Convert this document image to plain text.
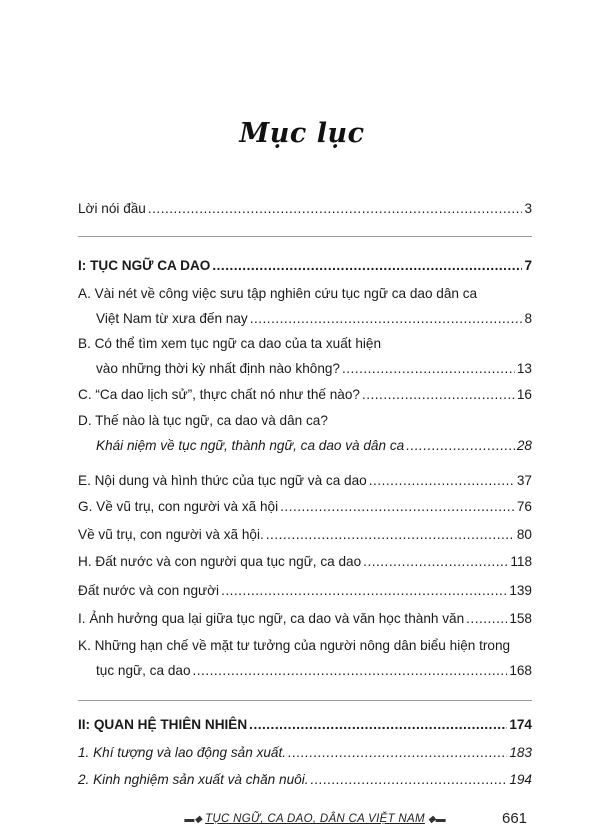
Mục lục
Lời nói đầu .....	3
I: TỤC NGỮ CA DAO .....	7
A. Vài nét về công việc sưu tập nghiên cứu tục ngữ ca dao dân ca
Việt Nam từ xưa đến nay .....	8
B. Có thể tìm xem tục ngữ ca dao của ta xuất hiện
vào những thời kỳ nhất định nào không? .....	13
C. “Ca dao lịch sử”, thực chất nó như thế nào? .....	16
D. Thế nào là tục ngữ, ca dao và dân ca?
Khái niệm về tục ngữ, thành ngữ, ca dao và dân ca .....	28
E. Nội dung và hình thức của tục ngữ và ca dao .....	37
G. Về vũ trụ, con người và xã hội .....	76
Về vũ trụ, con người và xã hội. .....	80
H. Đất nước và con người qua tục ngữ, ca dao .....	118
Đất nước và con người .....	139
I. Ảnh hưởng qua lại giữa tục ngữ, ca dao và văn học thành văn .....	158
K. Những hạn chế về mặt tư tưởng của người nông dân biểu hiện trong
tục ngữ, ca dao .....	168
II: QUAN HỆ THIÊN NHIÊN .....	174
1. Khí tượng và lao động sản xuất. .....	183
2. Kinh nghiệm sản xuất và chăn nuôi. .....	194
▬◆ TỤC NGỮ, CA DAO, DÂN CA VIỆT NAM ◆▬	661
